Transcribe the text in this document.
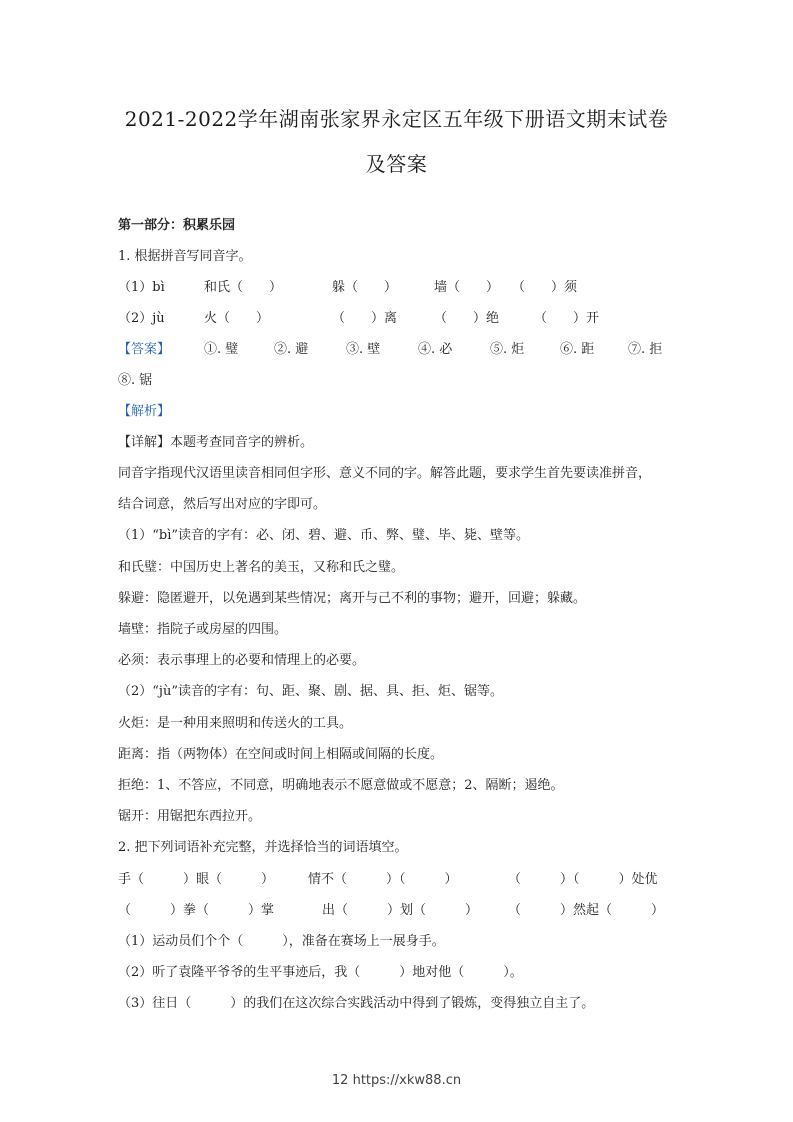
2021-2022学年湖南张家界永定区五年级下册语文期末试卷
及答案
第一部分：积累乐园
1. 根据拼音写同音字。
（1）bì	和氏（　　）	躲（　　）	墙（　　） （　　）须
（2）jù	火（　　）	（　　）离	（　　）绝	（　　）开
【答案】	①. 璧	②. 避	③. 壁	④. 必	⑤. 炬	⑥. 距	⑦. 拒
⑧. 锯
【解析】
【详解】本题考查同音字的辨析。
同音字指现代汉语里读音相同但字形、意义不同的字。解答此题，要求学生首先要读准拼音，
结合词意，然后写出对应的字即可。
（1）“bì”读音的字有：必、闭、碧、避、币、弊、璧、毕、毙、壁等。
和氏璧：中国历史上著名的美玉，又称和氏之璧。
躲避：隐匿避开，以免遇到某些情况；离开与己不利的事物；避开，回避；躲藏。
墙壁：指院子或房屋的四围。
必须：表示事理上的必要和情理上的必要。
（2）“jù”读音的字有：句、距、聚、剧、据、具、拒、炬、锯等。
火炬：是一种用来照明和传送火的工具。
距离：指（两物体）在空间或时间上相隔或间隔的长度。
拒绝：1、不答应，不同意，明确地表示不愿意做或不愿意；2、隔断；遏绝。
锯开：用锯把东西拉开。
2. 把下列词语补充完整，并选择恰当的词语填空。
手（　　　）眼（　　　）	情不（　　　）（　　　）	（　　　）（　　　）处优
（　　　）拳（　　　）掌	出（　　　）划（　　　） （　　　）然起（　　　）
（1）运动员们个个（　　　），准备在赛场上一展身手。
（2）听了袁隆平爷爷的生平事迹后，我（　　　）地对他（　　　）。
（3）往日（　　　）的我们在这次综合实践活动中得到了锻炼，变得独立自主了。
12 https://xkw88.cn
